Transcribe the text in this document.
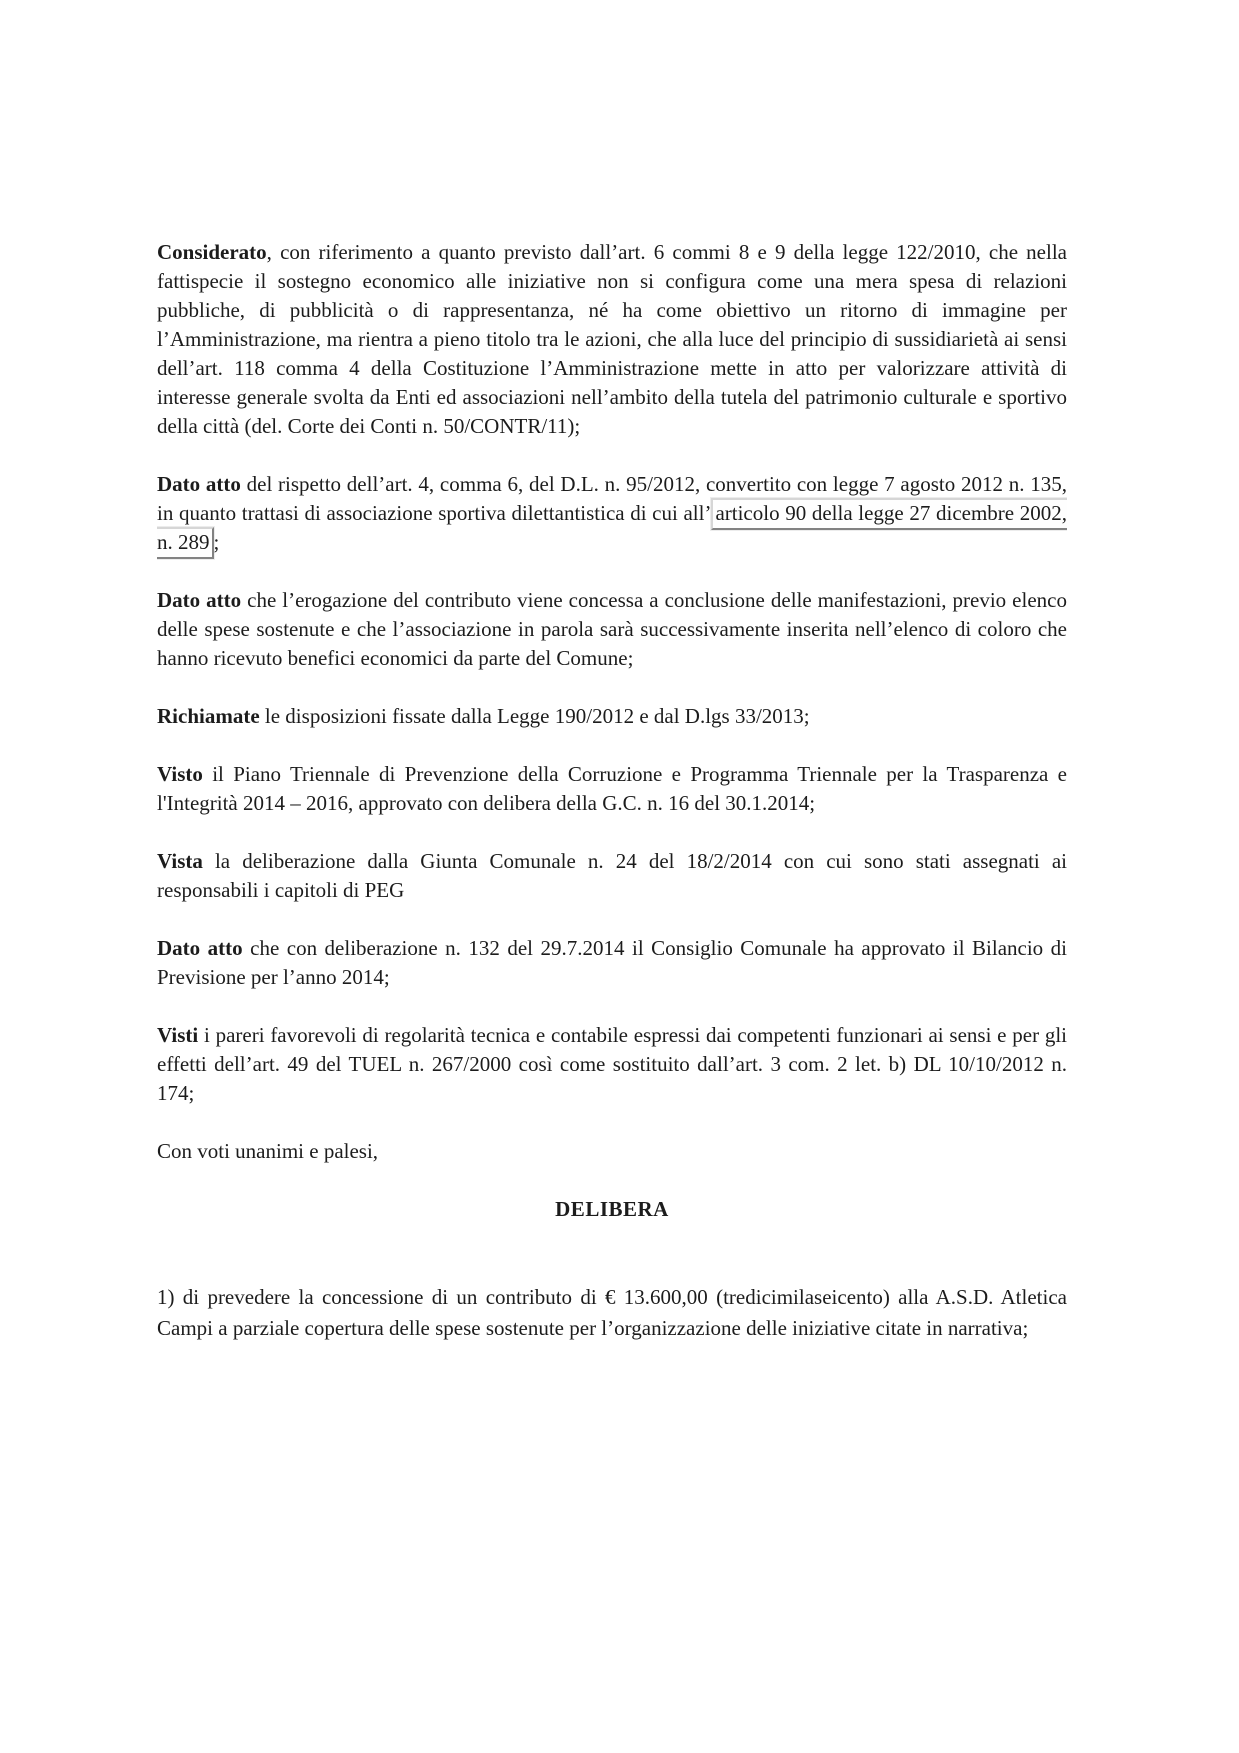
Considerato, con riferimento a quanto previsto dall’art. 6 commi 8 e 9 della legge 122/2010, che nella fattispecie il sostegno economico alle iniziative non si configura come una mera spesa di relazioni pubbliche, di pubblicità o di rappresentanza, né ha come obiettivo un ritorno di immagine per l’Amministrazione, ma rientra a pieno titolo tra le azioni, che alla luce del principio di sussidiarietà ai sensi dell’art. 118 comma 4 della Costituzione l’Amministrazione mette in atto per valorizzare attività di interesse generale svolta da Enti ed associazioni nell’ambito della tutela del patrimonio culturale e sportivo della città (del. Corte dei Conti n. 50/CONTR/11);

Dato atto del rispetto dell’art. 4, comma 6, del D.L. n. 95/2012, convertito con legge 7 agosto 2012 n. 135, in quanto trattasi di associazione sportiva dilettantistica di cui all’ articolo 90 della legge 27 dicembre 2002, n. 289 ;

Dato atto che l’erogazione del contributo viene concessa a conclusione delle manifestazioni, previo elenco delle spese sostenute e che l’associazione in parola sarà successivamente inserita nell’elenco di coloro che hanno ricevuto benefici economici da parte del Comune;

Richiamate le disposizioni fissate dalla Legge 190/2012 e dal D.lgs 33/2013;

Visto il Piano Triennale di Prevenzione della Corruzione e Programma Triennale per la Trasparenza e l'Integrità 2014 – 2016, approvato con delibera della G.C. n. 16 del 30.1.2014;

Vista la deliberazione dalla Giunta Comunale n. 24 del 18/2/2014 con cui sono stati assegnati ai responsabili i capitoli di PEG

Dato atto che con deliberazione n. 132 del 29.7.2014 il Consiglio Comunale ha approvato il Bilancio di Previsione per l’anno 2014;

Visti i pareri favorevoli di regolarità tecnica e contabile espressi dai competenti funzionari ai sensi e per gli effetti dell’art. 49 del TUEL n. 267/2000 così come sostituito dall’art. 3 com. 2 let. b) DL 10/10/2012 n. 174;

Con voti unanimi e palesi,

DELIBERA

1) di prevedere la concessione di un contributo di € 13.600,00 (tredicimilaseicento) alla A.S.D. Atletica Campi a parziale copertura delle spese sostenute per l’organizzazione delle iniziative citate in narrativa;
